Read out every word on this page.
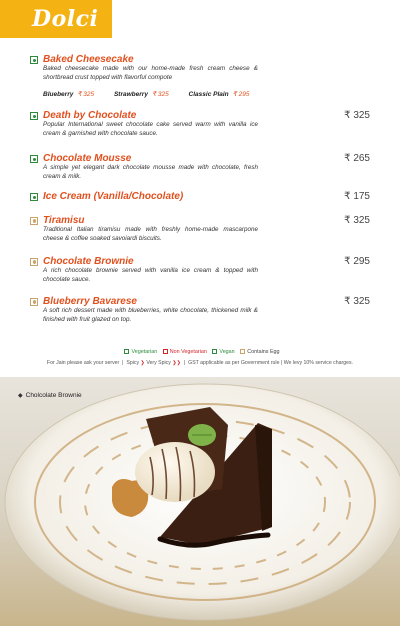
Dolci
Baked Cheesecake
Baked cheesecake made with our home-made fresh cream cheese & shortbread crust topped with flavorful compote
Blueberry ₹ 325	Strawberry ₹ 325	Classic Plain ₹ 295
Death by Chocolate	₹ 325
Popular International sweet chocolate cake served warm with vanilla ice cream & garnished with chocolate sauce.
Chocolate Mousse	₹ 265
A simple yet elegant dark chocolate mousse made with chocolate, fresh cream & milk.
Ice Cream (Vanilla/Chocolate)	₹ 175
Tiramisu	₹ 325
Traditional Italian tiramisu made with freshly home-made mascarpone cheese & coffee soaked savoiardi biscuits.
Chocolate Brownie	₹ 295
A rich chocolate brownie served with vanilla ice cream & topped with chocolate sauce.
Blueberry Bavarese	₹ 325
A soft rich dessert made with blueberries, white chocolate, thickened milk & finished with fruit glazed on top.
Vegetarian Non Vegetarian Vegan Contains Egg
For Jain please ask your server  |  Spicy ❯ Very Spicy ❯❯  |  GST applicable as per Government rule | We levy 10% service charges.
◆ Cholcolate Brownie
